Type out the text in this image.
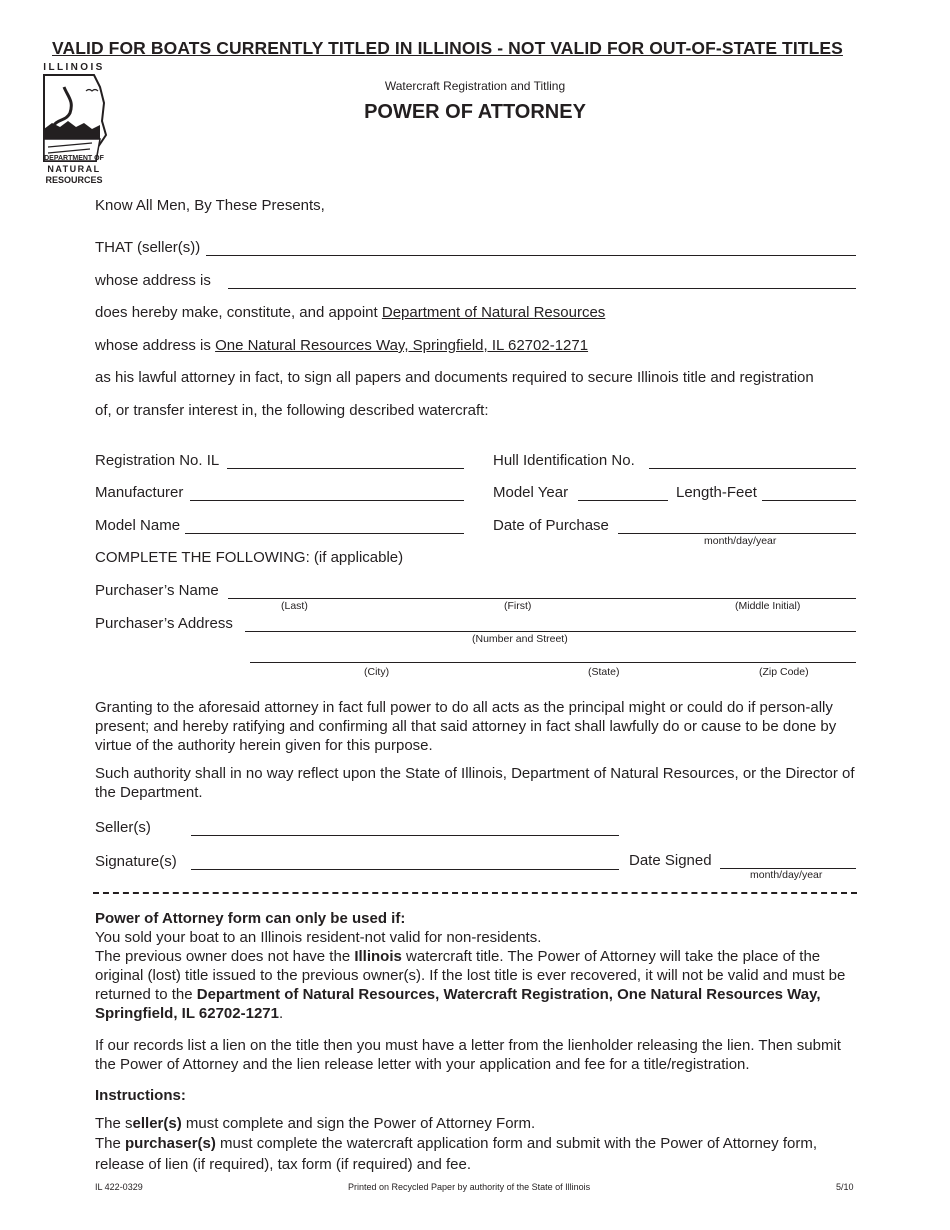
VALID FOR BOATS CURRENTLY TITLED IN ILLINOIS - NOT VALID FOR OUT-OF-STATE TITLES
Watercraft Registration and Titling
POWER OF ATTORNEY
ILLINOIS
DEPARTMENT OF
NATURAL
RESOURCES
Know All Men, By These Presents,
THAT (seller(s))
whose address is
does hereby make, constitute, and appoint Department of Natural Resources
whose address is One Natural Resources Way, Springfield, IL 62702-1271
as his lawful attorney in fact, to sign all papers and documents required to secure Illinois title and registration
of, or transfer interest in, the following described watercraft:
Registration No. IL	Hull Identification No.
Manufacturer	Model Year	Length-Feet
Model Name	Date of Purchase
month/day/year
COMPLETE THE FOLLOWING: (if applicable)
Purchaser’s Name
(Last)	(First)	(Middle Initial)
Purchaser’s Address
(Number and Street)
(City)	(State)	(Zip Code)
Granting to the aforesaid attorney in fact full power to do all acts as the principal might or could do if person-ally present; and hereby ratifying and confirming all that said attorney in fact shall lawfully do or cause to be done by virtue of the authority herein given for this purpose.
Such authority shall in no way reflect upon the State of Illinois, Department of Natural Resources, or the Director of the Department.
Seller(s)
Signature(s)	Date Signed
month/day/year
Power of Attorney form can only be used if:
You sold your boat to an Illinois resident-not valid for non-residents.
The previous owner does not have the Illinois watercraft title. The Power of Attorney will take the place of the original (lost) title issued to the previous owner(s). If the lost title is ever recovered, it will not be valid and must be returned to the Department of Natural Resources, Watercraft Registration, One Natural Resources Way, Springfield, IL 62702-1271.
If our records list a lien on the title then you must have a letter from the lienholder releasing the lien. Then submit the Power of Attorney and the lien release letter with your application and fee for a title/registration.
Instructions:
The seller(s) must complete and sign the Power of Attorney Form.
The purchaser(s) must complete the watercraft application form and submit with the Power of Attorney form,
release of lien (if required), tax form (if required) and fee.
IL 422-0329	Printed on Recycled Paper by authority of the State of Illinois	5/10
